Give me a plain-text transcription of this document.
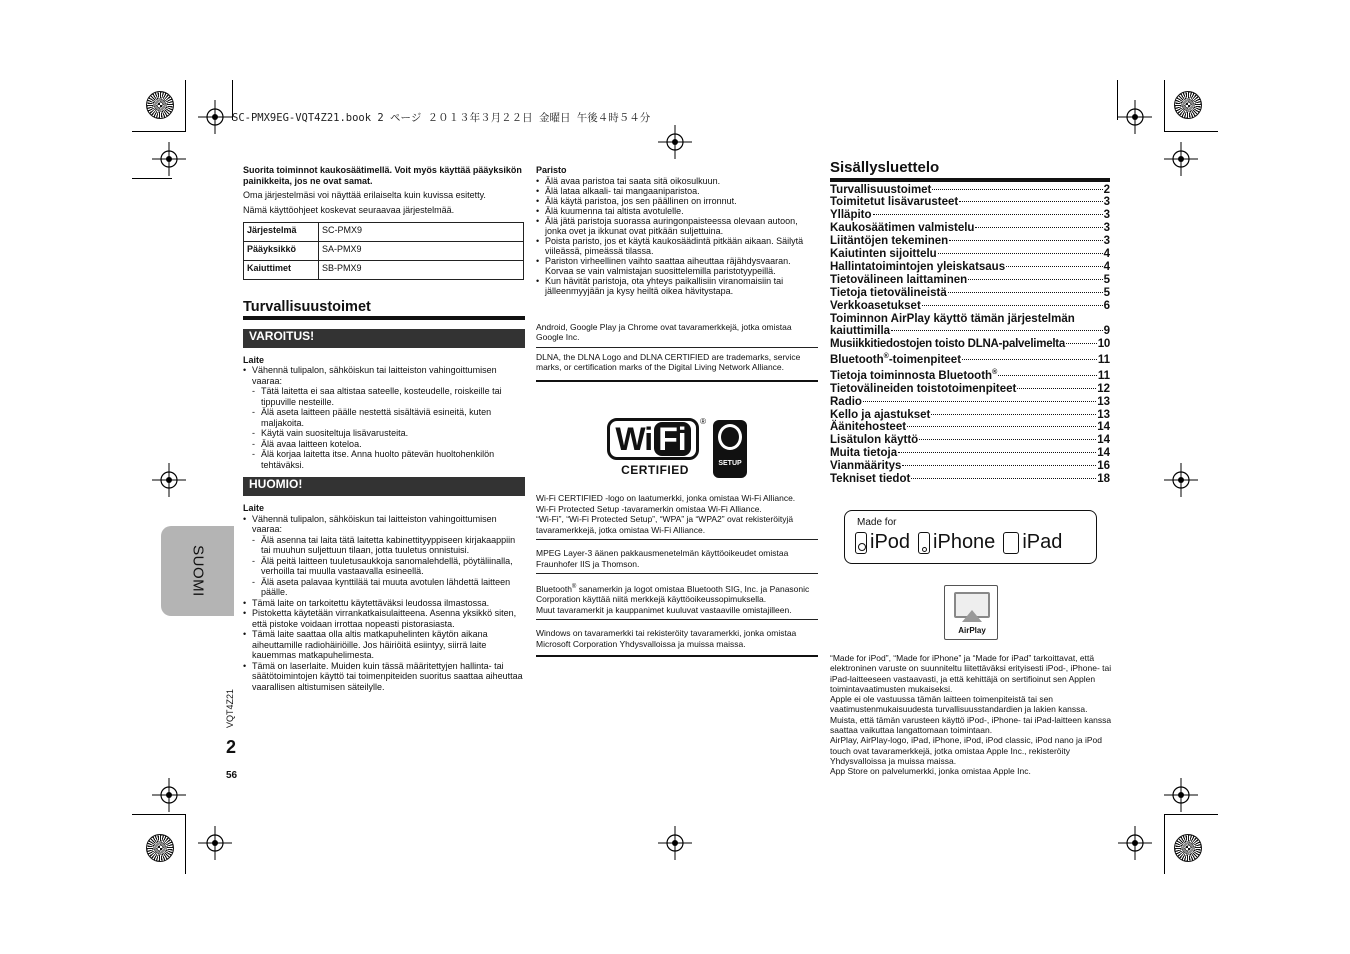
SC-PMX9EG-VQT4Z21.book 2 ページ ２０１３年３月２２日 金曜日 午後４時５４分
SUOMI
VQT4Z21
2
56
Suorita toiminnot kaukosäätimellä. Voit myös käyttää pääyksikön painikkeita, jos ne ovat samat.
Oma järjestelmäsi voi näyttää erilaiselta kuin kuvissa esitetty.
Nämä käyttöohjeet koskevat seuraavaa järjestelmää.
Järjestelmä	SC-PMX9
Pääyksikkö	SA-PMX9
Kaiuttimet	SB-PMX9
Turvallisuustoimet
VAROITUS!
Laite
• Vähennä tulipalon, sähköiskun tai laitteiston vahingoittumisen vaaraa:
- Tätä laitetta ei saa altistaa sateelle, kosteudelle, roiskeille tai tippuville nesteille.
- Älä aseta laitteen päälle nestettä sisältäviä esineitä, kuten maljakoita.
- Käytä vain suositeltuja lisävarusteita.
- Älä avaa laitteen koteloa.
- Älä korjaa laitetta itse. Anna huolto pätevän huoltohenkilön tehtäväksi.
HUOMIO!
Laite
• Vähennä tulipalon, sähköiskun tai laitteiston vahingoittumisen vaaraa:
- Älä asenna tai laita tätä laitetta kabinettityyppiseen kirjakaappiin tai muuhun suljettuun tilaan, jotta tuuletus onnistuisi.
- Älä peitä laitteen tuuletusaukkoja sanomalehdellä, pöytäliinalla, verhoilla tai muulla vastaavalla esineellä.
- Älä aseta palavaa kynttilää tai muuta avotulen lähdettä laitteen päälle.
• Tämä laite on tarkoitettu käytettäväksi leudossa ilmastossa.
• Pistoketta käytetään virrankatkaisulaitteena. Asenna yksikkö siten, että pistoke voidaan irrottaa nopeasti pistorasiasta.
• Tämä laite saattaa olla altis matkapuhelinten käytön aikana aiheuttamille radiohäiriöille. Jos häiriöitä esiintyy, siirrä laite kauemmas matkapuhelimesta.
• Tämä on laserlaite. Muiden kuin tässä määritettyjen hallinta- tai säätötoimintojen käyttö tai toimenpiteiden suoritus saattaa aiheuttaa vaarallisen altistumisen säteilylle.
Paristo
• Älä avaa paristoa tai saata sitä oikosulkuun.
• Älä lataa alkaali- tai mangaaniparistoa.
• Älä käytä paristoa, jos sen päällinen on irronnut.
• Älä kuumenna tai altista avotulelle.
• Älä jätä paristoja suorassa auringonpaisteessa olevaan autoon, jonka ovet ja ikkunat ovat pitkään suljettuina.
• Poista paristo, jos et käytä kaukosäädintä pitkään aikaan. Säilytä viileässä, pimeässä tilassa.
• Pariston virheellinen vaihto saattaa aiheuttaa räjähdysvaaran. Korvaa se vain valmistajan suosittelemilla paristotyypeillä.
• Kun hävität paristoja, ota yhteys paikallisiin viranomaisiin tai jälleenmyyjään ja kysy heiltä oikea hävitystapa.
Android, Google Play ja Chrome ovat tavaramerkkejä, jotka omistaa Google Inc.
DLNA, the DLNA Logo and DLNA CERTIFIED are trademarks, service marks, or certification marks of the Digital Living Network Alliance.
Wi Fi	®
CERTIFIED	SETUP
Wi-Fi CERTIFIED -logo on laatumerkki, jonka omistaa Wi-Fi Alliance.
Wi-Fi Protected Setup -tavaramerkin omistaa Wi-Fi Alliance.
“Wi-Fi”, “Wi-Fi Protected Setup”, “WPA” ja “WPA2” ovat rekisteröityjä tavaramerkkejä, jotka omistaa Wi-Fi Alliance.
MPEG Layer-3 äänen pakkausmenetelmän käyttöoikeudet omistaa Fraunhofer IIS ja Thomson.
Bluetooth® sanamerkin ja logot omistaa Bluetooth SIG, Inc. ja Panasonic Corporation käyttää niitä merkkejä käyttöoikeussopimuksella.
Muut tavaramerkit ja kauppanimet kuuluvat vastaaville omistajilleen.
Windows on tavaramerkki tai rekisteröity tavaramerkki, jonka omistaa Microsoft Corporation Yhdysvalloissa ja muissa maissa.
Sisällysluettelo
Turvallisuustoimet	2
Toimitetut lisävarusteet	3
Ylläpito	3
Kaukosäätimen valmistelu	3
Liitäntöjen tekeminen	3
Kaiutinten sijoittelu	4
Hallintatoimintojen yleiskatsaus	4
Tietovälineen laittaminen	5
Tietoja tietovälineistä	5
Verkkoasetukset	6
Toiminnon AirPlay käyttö tämän järjestelmän
kaiuttimilla	9
Musiikkitiedostojen toisto DLNA-palvelimelta	10
Bluetooth®-toimenpiteet	11
Tietoja toiminnosta Bluetooth®	11
Tietovälineiden toistotoimenpiteet	12
Radio	13
Kello ja ajastukset	13
Äänitehosteet	14
Lisätulon käyttö	14
Muita tietoja	14
Vianmääritys	16
Tekniset tiedot	18
Made for
iPod iPhone iPad
AirPlay
“Made for iPod”, “Made for iPhone” ja “Made for iPad” tarkoittavat, että elektroninen varuste on suunniteltu liitettäväksi erityisesti iPod-, iPhone- tai iPad-laitteeseen vastaavasti, ja että kehittäjä on sertifioinut sen Applen toimintavaatimusten mukaiseksi.
Apple ei ole vastuussa tämän laitteen toimenpiteistä tai sen vaatimustenmukaisuudesta turvallisuusstandardien ja lakien kanssa. Muista, että tämän varusteen käyttö iPod-, iPhone- tai iPad-laitteen kanssa saattaa vaikuttaa langattomaan toimintaan.
AirPlay, AirPlay-logo, iPad, iPhone, iPod, iPod classic, iPod nano ja iPod touch ovat tavaramerkkejä, jotka omistaa Apple Inc., rekisteröity Yhdysvalloissa ja muissa maissa.
App Store on palvelumerkki, jonka omistaa Apple Inc.
